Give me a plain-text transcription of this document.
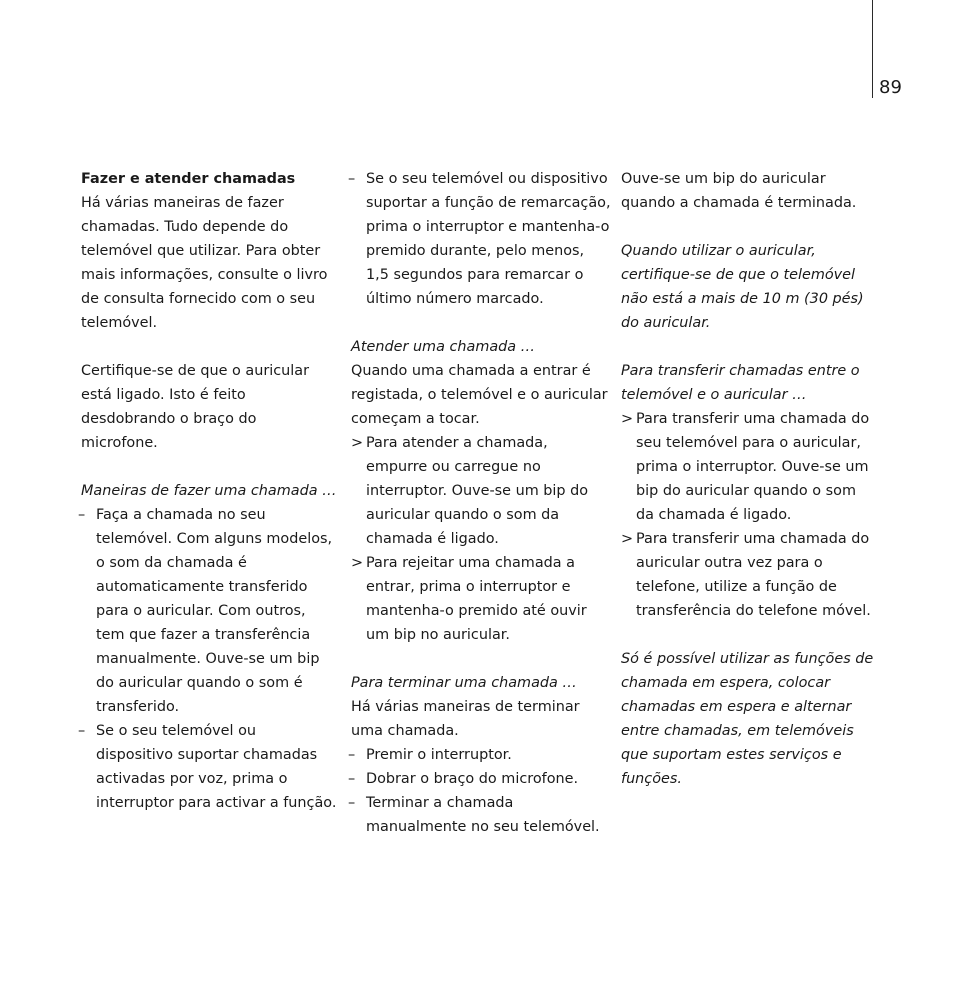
89

Fazer e atender chamadas

Há várias maneiras de fazer chamadas. Tudo depende do telemóvel que utilizar. Para obter mais informações, consulte o livro de consulta fornecido com o seu telemóvel.

Certifique-se de que o auricular está ligado. Isto é feito desdobrando o braço do microfone.

Maneiras de fazer uma chamada …

– Faça a chamada no seu telemóvel. Com alguns modelos, o som da chamada é automaticamente transferido para o auricular. Com outros, tem que fazer a transferência manualmente. Ouve-se um bip do auricular quando o som é transferido.
– Se o seu telemóvel ou dispositivo suportar chamadas activadas por voz, prima o interruptor para activar a função.
– Se o seu telemóvel ou dispositivo suportar a função de remarcação, prima o interruptor e mantenha-o premido durante, pelo menos, 1,5 segundos para remarcar o último número marcado.

Atender uma chamada …

Quando uma chamada a entrar é registada, o telemóvel e o auricular começam a tocar.

> Para atender a chamada, empurre ou carregue no interruptor. Ouve-se um bip do auricular quando o som da chamada é ligado.
> Para rejeitar uma chamada a entrar, prima o interruptor e mantenha-o premido até ouvir um bip no auricular.

Para terminar uma chamada …

Há várias maneiras de terminar uma chamada.

– Premir o interruptor.
– Dobrar o braço do microfone.
– Terminar a chamada manualmente no seu telemóvel.

Ouve-se um bip do auricular quando a chamada é terminada.

Quando utilizar o auricular, certifique-se de que o telemóvel não está a mais de 10 m (30 pés) do auricular.

Para transferir chamadas entre o telemóvel e o auricular …

> Para transferir uma chamada do seu telemóvel para o auricular, prima o interruptor. Ouve-se um bip do auricular quando o som da chamada é ligado.
> Para transferir uma chamada do auricular outra vez para o telefone, utilize a função de transferência do telefone móvel.

Só é possível utilizar as funções de chamada em espera, colocar chamadas em espera e alternar entre chamadas, em telemóveis que suportam estes serviços e funções.
